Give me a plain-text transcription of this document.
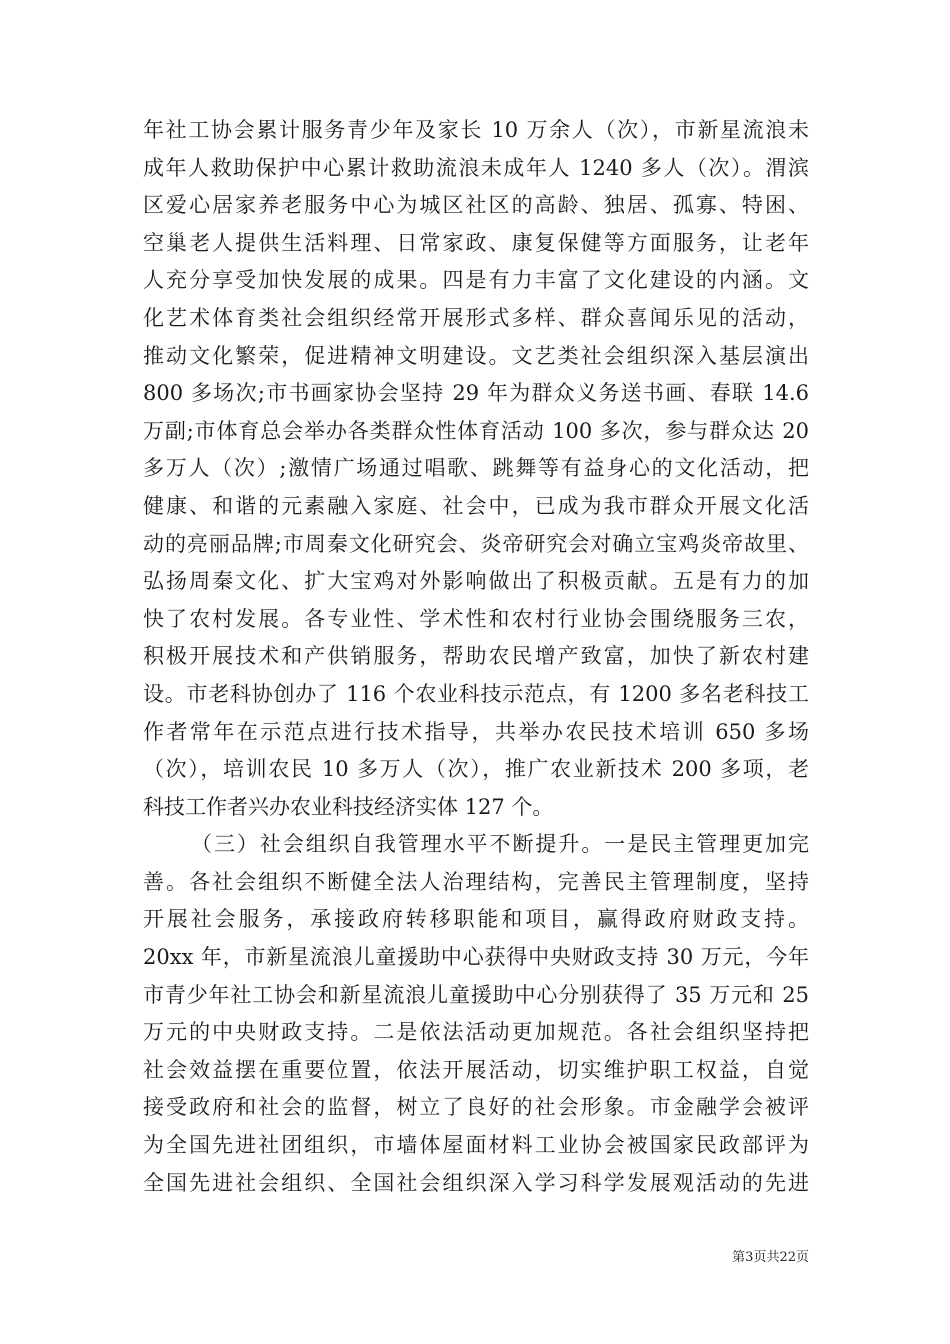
年社工协会累计服务青少年及家长 10 万余人（次），市新星流浪未
成年人救助保护中心累计救助流浪未成年人 1240 多人（次）。渭滨
区爱心居家养老服务中心为城区社区的高龄、独居、孤寡、特困、
空巢老人提供生活料理、日常家政、康复保健等方面服务，让老年
人充分享受加快发展的成果。四是有力丰富了文化建设的内涵。文
化艺术体育类社会组织经常开展形式多样、群众喜闻乐见的活动，
推动文化繁荣，促进精神文明建设。文艺类社会组织深入基层演出
800 多场次;市书画家协会坚持 29 年为群众义务送书画、春联 14.6
万副;市体育总会举办各类群众性体育活动 100 多次，参与群众达 20
多万人（次）;激情广场通过唱歌、跳舞等有益身心的文化活动，把
健康、和谐的元素融入家庭、社会中，已成为我市群众开展文化活
动的亮丽品牌;市周秦文化研究会、炎帝研究会对确立宝鸡炎帝故里、
弘扬周秦文化、扩大宝鸡对外影响做出了积极贡献。五是有力的加
快了农村发展。各专业性、学术性和农村行业协会围绕服务三农，
积极开展技术和产供销服务，帮助农民增产致富，加快了新农村建
设。市老科协创办了 116 个农业科技示范点，有 1200 多名老科技工
作者常年在示范点进行技术指导，共举办农民技术培训 650 多场
（次），培训农民 10 多万人（次），推广农业新技术 200 多项，老
科技工作者兴办农业科技经济实体 127 个。
（三）社会组织自我管理水平不断提升。一是民主管理更加完
善。各社会组织不断健全法人治理结构，完善民主管理制度，坚持
开展社会服务，承接政府转移职能和项目，赢得政府财政支持。
20xx 年，市新星流浪儿童援助中心获得中央财政支持 30 万元，今年
市青少年社工协会和新星流浪儿童援助中心分别获得了 35 万元和 25
万元的中央财政支持。二是依法活动更加规范。各社会组织坚持把
社会效益摆在重要位置，依法开展活动，切实维护职工权益，自觉
接受政府和社会的监督，树立了良好的社会形象。市金融学会被评
为全国先进社团组织，市墙体屋面材料工业协会被国家民政部评为
全国先进社会组织、全国社会组织深入学习科学发展观活动的先进
第3页共22页
